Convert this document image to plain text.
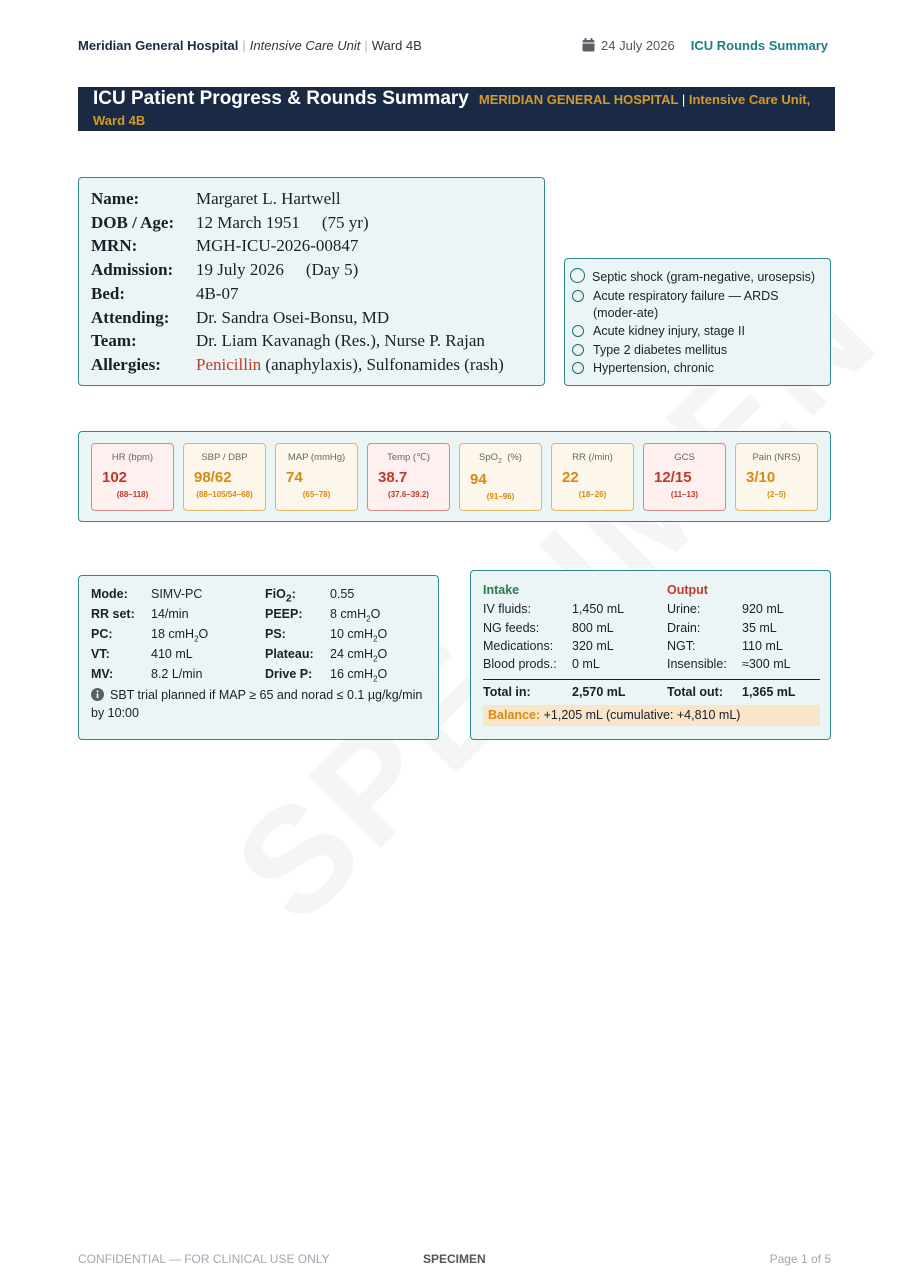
Meridian General Hospital | Intensive Care Unit | Ward 4B	24 July 2026 ICU Rounds Summary
ICU Patient Progress & Rounds Summary MERIDIAN GENERAL HOSPITAL | Intensive Care Unit,
Ward 4B
Name:	Margaret L. Hartwell
DOB / Age:	12 March 1951 (75 yr)
MRN:	MGH-ICU-2026-00847
Admission:	19 July 2026 (Day 5)
Bed:	4B-07
Attending:	Dr. Sandra Osei-Bonsu, MD
Team:	Dr. Liam Kavanagh (Res.), Nurse P. Rajan
Allergies:	Penicillin (anaphylaxis), Sulfonamides (rash)
Septic shock (gram-negative, urosepsis)
Acute respiratory failure — ARDS (moder-ate)
Acute kidney injury, stage II
Type 2 diabetes mellitus
Hypertension, chronic
HR (bpm)
102
(88–118)
SBP / DBP
98/62
(88–105/54–68)
MAP (mmHg)
74
(65–78)
Temp (℃)
38.7
(37.6–39.2)
SpO$_2$  (%)
94
(91–96)
RR (/min)
22
(18–26)
GCS
12/15
(11–13)
Pain (NRS)
3/10
(2–5)
Mode: SIMV-PC	FiO$_2$:	0.55
RR set: 14/min	PEEP: 8 cmH$_2$O
PC:	18 cmH$_2$O	PS:	10 cmH$_2$O
VT:	410 mL	Plateau: 24 cmH$_2$O
MV:	8.2 L/min	Drive P: 16 cmH$_2$O
SBT trial planned if MAP ≥ 65 and norad ≤ 0.1 µg/kg/min by 10:00
Intake	Output
IV fluids:	1,450 mL	Urine:	920 mL
NG feeds:	800 mL	Drain:	35 mL
Medications: 320 mL	NGT:	110 mL
Blood prods.: 0 mL	Insensible: ≈300 mL
Total in:	2,570 mL	Total out: 1,365 mL
Balance: +1,205 mL (cumulative: +4,810 mL)
CONFIDENTIAL — FOR CLINICAL USE ONLY	SPECIMEN	Page 1 of 5
